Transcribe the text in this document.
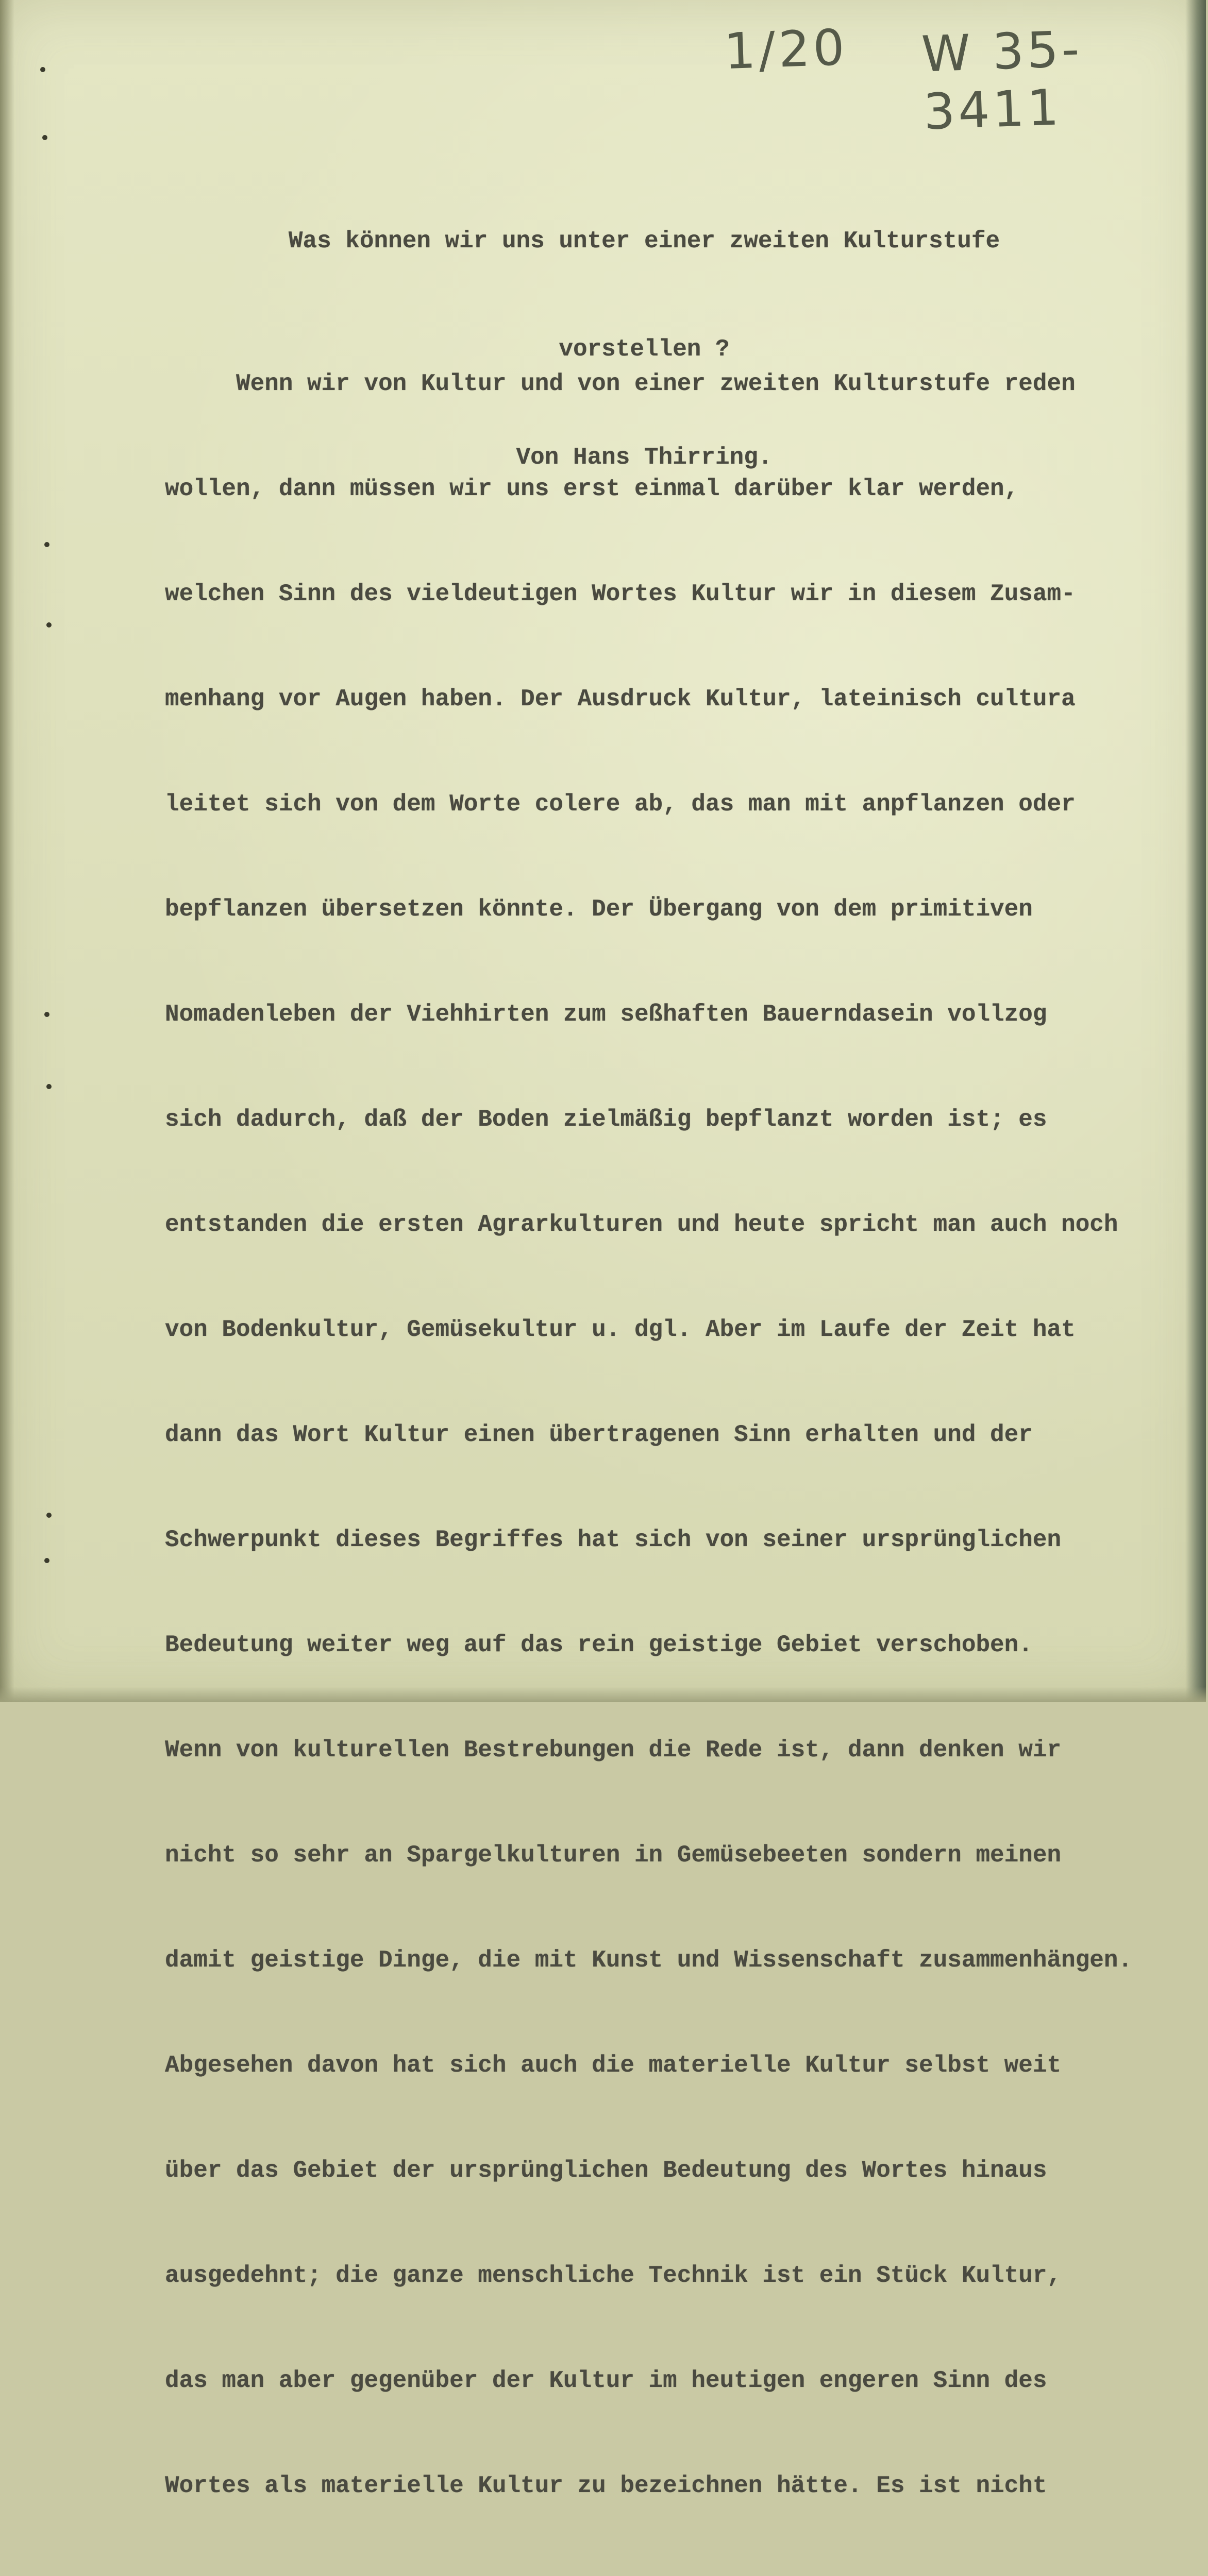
1/20 W 35-3411

Was können wir uns unter einer zweiten Kulturstufe

vorstellen ?

Von Hans Thirring.

Wenn wir von Kultur und von einer zweiten Kulturstufe reden

wollen, dann müssen wir uns erst einmal darüber klar werden,

welchen Sinn des vieldeutigen Wortes Kultur wir in diesem Zusam-

menhang vor Augen haben. Der Ausdruck Kultur, lateinisch cultura

leitet sich von dem Worte colere ab, das man mit anpflanzen oder

bepflanzen übersetzen könnte. Der Übergang von dem primitiven

Nomadenleben der Viehhirten zum seßhaften Bauerndasein vollzog

sich dadurch, daß der Boden zielmäßig bepflanzt worden ist; es

entstanden die ersten Agrarkulturen und heute spricht man auch noch

von Bodenkultur, Gemüsekultur u. dgl. Aber im Laufe der Zeit hat

dann das Wort Kultur einen übertragenen Sinn erhalten und der

Schwerpunkt dieses Begriffes hat sich von seiner ursprünglichen

Bedeutung weiter weg auf das rein geistige Gebiet verschoben.

Wenn von kulturellen Bestrebungen die Rede ist, dann denken wir

nicht so sehr an Spargelkulturen in Gemüsebeeten sondern meinen

damit geistige Dinge, die mit Kunst und Wissenschaft zusammenhängen.

Abgesehen davon hat sich auch die materielle Kultur selbst weit

über das Gebiet der ursprünglichen Bedeutung des Wortes hinaus

ausgedehnt; die ganze menschliche Technik ist ein Stück Kultur,

das man aber gegenüber der Kultur im heutigen engeren Sinn des

Wortes als materielle Kultur zu bezeichnen hätte. Es ist nicht
